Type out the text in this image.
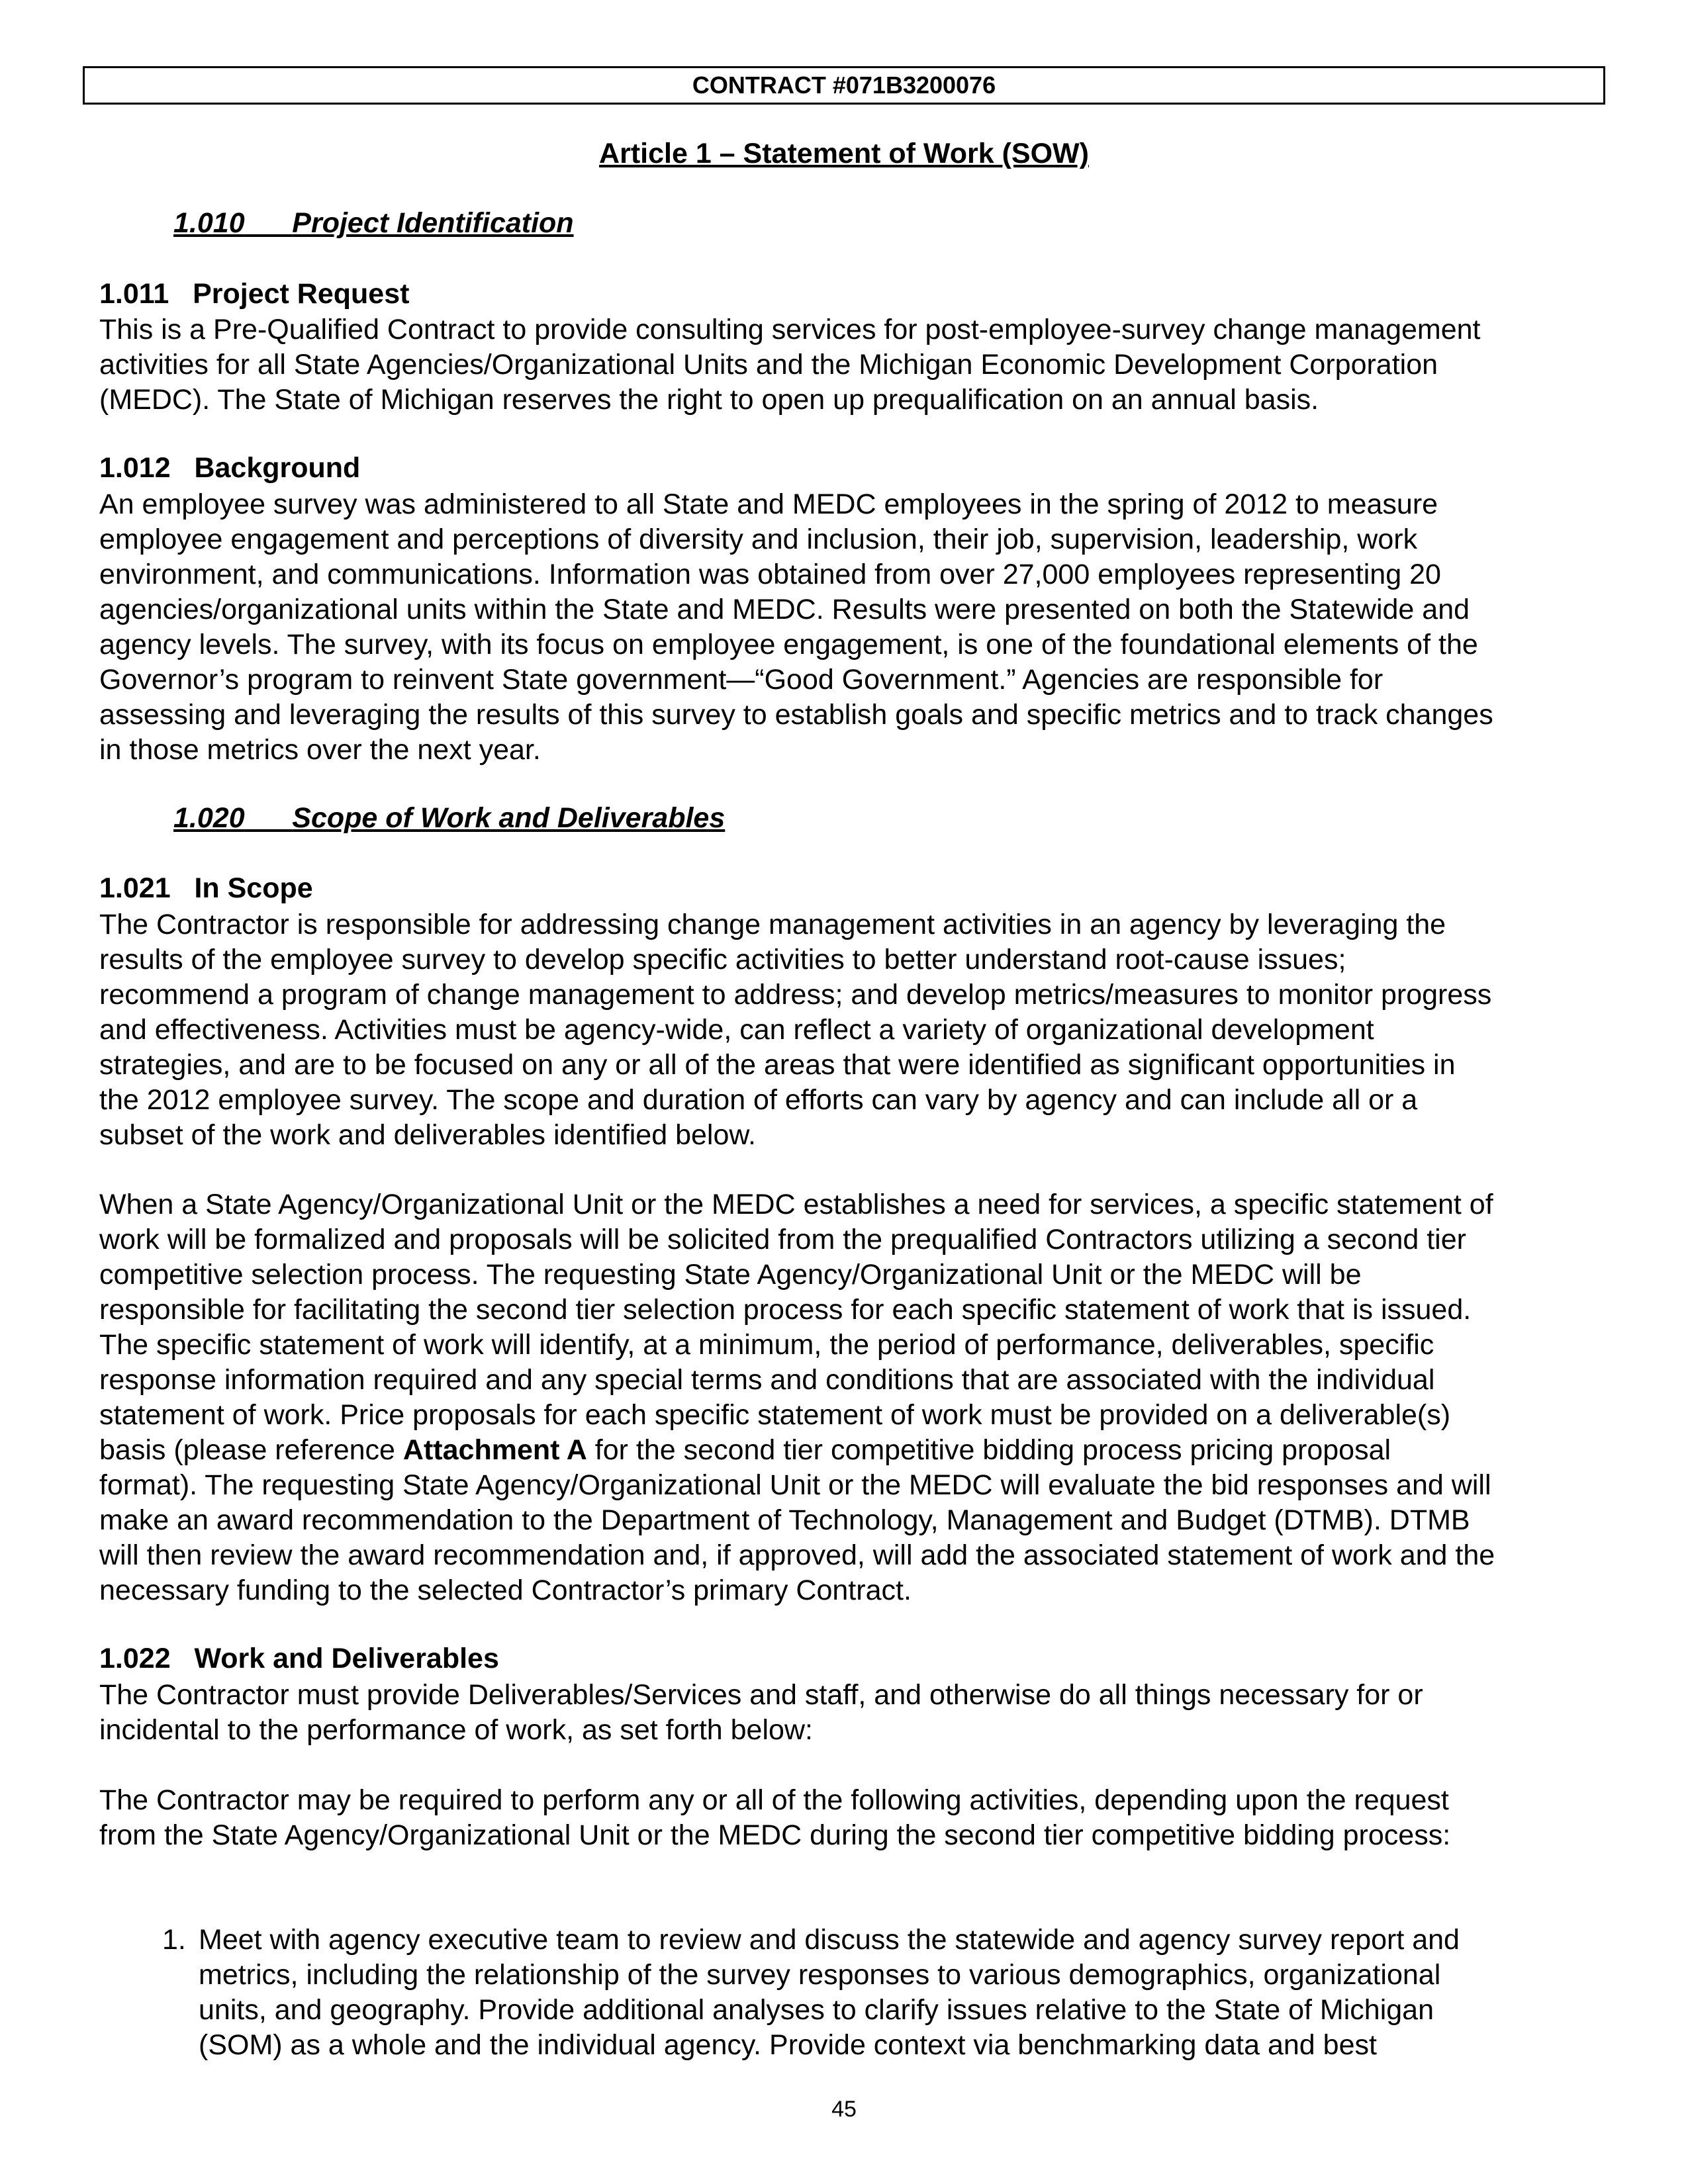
CONTRACT #071B3200076
Article 1 – Statement of Work (SOW)
1.010 Project Identification
1.011   Project Request
This is a Pre-Qualified Contract to provide consulting services for post-employee-survey change management
activities for all State Agencies/Organizational Units and the Michigan Economic Development Corporation
(MEDC). The State of Michigan reserves the right to open up prequalification on an annual basis.
1.012   Background
An employee survey was administered to all State and MEDC employees in the spring of 2012 to measure
employee engagement and perceptions of diversity and inclusion, their job, supervision, leadership, work
environment, and communications. Information was obtained from over 27,000 employees representing 20
agencies/organizational units within the State and MEDC. Results were presented on both the Statewide and
agency levels. The survey, with its focus on employee engagement, is one of the foundational elements of the
Governor’s program to reinvent State government—“Good Government.” Agencies are responsible for
assessing and leveraging the results of this survey to establish goals and specific metrics and to track changes
in those metrics over the next year.
1.020 Scope of Work and Deliverables
1.021   In Scope
The Contractor is responsible for addressing change management activities in an agency by leveraging the
results of the employee survey to develop specific activities to better understand root-cause issues;
recommend a program of change management to address; and develop metrics/measures to monitor progress
and effectiveness. Activities must be agency-wide, can reflect a variety of organizational development
strategies, and are to be focused on any or all of the areas that were identified as significant opportunities in
the 2012 employee survey. The scope and duration of efforts can vary by agency and can include all or a
subset of the work and deliverables identified below.
When a State Agency/Organizational Unit or the MEDC establishes a need for services, a specific statement of
work will be formalized and proposals will be solicited from the prequalified Contractors utilizing a second tier
competitive selection process. The requesting State Agency/Organizational Unit or the MEDC will be
responsible for facilitating the second tier selection process for each specific statement of work that is issued.
The specific statement of work will identify, at a minimum, the period of performance, deliverables, specific
response information required and any special terms and conditions that are associated with the individual
statement of work. Price proposals for each specific statement of work must be provided on a deliverable(s)
basis (please reference Attachment A for the second tier competitive bidding process pricing proposal
format). The requesting State Agency/Organizational Unit or the MEDC will evaluate the bid responses and will
make an award recommendation to the Department of Technology, Management and Budget (DTMB). DTMB
will then review the award recommendation and, if approved, will add the associated statement of work and the
necessary funding to the selected Contractor’s primary Contract.
1.022   Work and Deliverables
The Contractor must provide Deliverables/Services and staff, and otherwise do all things necessary for or
incidental to the performance of work, as set forth below:
The Contractor may be required to perform any or all of the following activities, depending upon the request
from the State Agency/Organizational Unit or the MEDC during the second tier competitive bidding process:
1. Meet with agency executive team to review and discuss the statewide and agency survey report and
metrics, including the relationship of the survey responses to various demographics, organizational
units, and geography. Provide additional analyses to clarify issues relative to the State of Michigan
(SOM) as a whole and the individual agency. Provide context via benchmarking data and best
45
